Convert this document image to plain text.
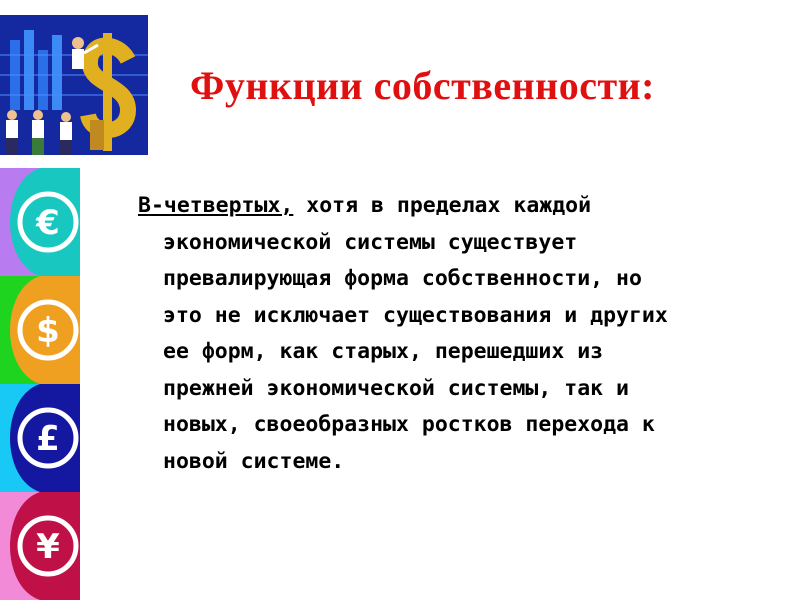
€
$
£
¥
Функции собственности:
В-четвертых, хотя в пределах каждой
экономической системы существует
превалирующая форма собственности, но
это не исключает существования и других
ее форм, как старых, перешедших из
прежней экономической системы, так и
новых, своеобразных ростков перехода к
новой системе.
